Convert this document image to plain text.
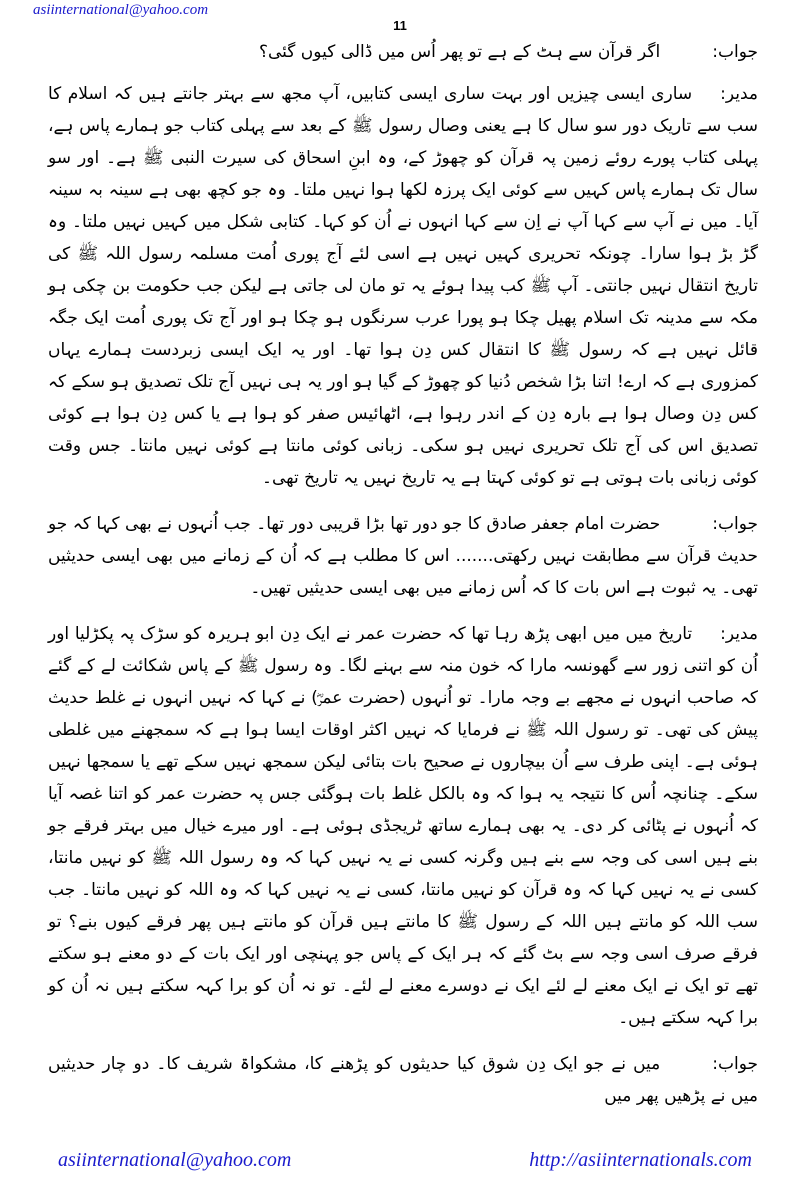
asiinternational@yahoo.com
11

جواب:اگر قرآن سے ہٹ کے ہے تو پھر اُس میں ڈالی کیوں گئی؟

مدیر:ساری ایسی چیزیں اور بہت ساری ایسی کتابیں، آپ مجھ سے بہتر جانتے ہیں کہ اسلام کا سب سے تاریک دور سو سال کا ہے یعنی وصال رسول ﷺ کے بعد سے پہلی کتاب جو ہمارے پاس ہے، پہلی کتاب پورے روئے زمین پہ قرآن کو چھوڑ کے، وہ ابنِ اسحاق کی سیرت النبی ﷺ ہے۔ اور سو سال تک ہمارے پاس کہیں سے کوئی ایک پرزہ لکھا ہوا نہیں ملتا۔ وہ جو کچھ بھی ہے سینہ بہ سینہ آیا۔ میں نے آپ سے کہا آپ نے اِن سے کہا انہوں نے اُن کو کہا۔ کتابی شکل میں کہیں نہیں ملتا۔ وہ گڑ بڑ ہوا سارا۔ چونکہ تحریری کہیں نہیں ہے اسی لئے آج پوری اُمت مسلمہ رسول اللہ ﷺ کی تاریخ انتقال نہیں جانتی۔ آپ ﷺ کب پیدا ہوئے یہ تو مان لی جاتی ہے لیکن جب حکومت بن چکی ہو مکہ سے مدینہ تک اسلام پھیل چکا ہو پورا عرب سرنگوں ہو چکا ہو اور آج تک پوری اُمت ایک جگہ قائل نہیں ہے کہ رسول ﷺ کا انتقال کس دِن ہوا تھا۔ اور یہ ایک ایسی زبردست ہمارے یہاں کمزوری ہے کہ ارے! اتنا بڑا شخص دُنیا کو چھوڑ کے گیا ہو اور یہ ہی نہیں آج تلک تصدیق ہو سکے کہ کس دِن وصال ہوا ہے بارہ دِن کے اندر رہوا ہے، اٹھائیس صفر کو ہوا ہے یا کس دِن ہوا ہے کوئی تصدیق اس کی آج تلک تحریری نہیں ہو سکی۔ زبانی کوئی مانتا ہے کوئی نہیں مانتا۔ جس وقت کوئی زبانی بات ہوتی ہے تو کوئی کہتا ہے یہ تاریخ نہیں یہ تاریخ تھی۔

جواب:حضرت امام جعفر صادق کا جو دور تھا بڑا قریبی دور تھا۔ جب اُنہوں نے بھی کہا کہ جو حدیث قرآن سے مطابقت نہیں رکھتی....... اس کا مطلب ہے کہ اُن کے زمانے میں بھی ایسی حدیثیں تھی۔ یہ ثبوت ہے اس بات کا کہ اُس زمانے میں بھی ایسی حدیثیں تھیں۔

مدیر:تاریخ میں میں ابھی پڑھ رہا تھا کہ حضرت عمر نے ایک دِن ابو ہریرہ کو سڑک پہ پکڑلیا اور اُن کو اتنی زور سے گھونسہ مارا کہ خون منہ سے بہنے لگا۔ وہ رسول ﷺ کے پاس شکائت لے کے گئے کہ صاحب انہوں نے مجھے بے وجہ مارا۔ تو اُنہوں (حضرت عمرؓ) نے کہا کہ نہیں انہوں نے غلط حدیث پیش کی تھی۔ تو رسول اللہ ﷺ نے فرمایا کہ نہیں اکثر اوقات ایسا ہوا ہے کہ سمجھنے میں غلطی ہوئی ہے۔ اپنی طرف سے اُن بیچاروں نے صحیح بات بتائی لیکن سمجھ نہیں سکے تھے یا سمجھا نہیں سکے۔ چنانچہ اُس کا نتیجہ یہ ہوا کہ وہ بالکل غلط بات ہوگئی جس پہ حضرت عمر کو اتنا غصہ آیا کہ اُنہوں نے پٹائی کر دی۔ یہ بھی ہمارے ساتھ ٹریجڈی ہوئی ہے۔ اور میرے خیال میں بہتر فرقے جو بنے ہیں اسی کی وجہ سے بنے ہیں وگرنہ کسی نے یہ نہیں کہا کہ وہ رسول اللہ ﷺ کو نہیں مانتا، کسی نے یہ نہیں کہا کہ وہ قرآن کو نہیں مانتا، کسی نے یہ نہیں کہا کہ وہ اللہ کو نہیں مانتا۔ جب سب اللہ کو مانتے ہیں اللہ کے رسول ﷺ کا مانتے ہیں قرآن کو مانتے ہیں پھر فرقے کیوں بنے؟ تو فرقے صرف اسی وجہ سے بٹ گئے کہ ہر ایک کے پاس جو پہنچی اور ایک بات کے دو معنے ہو سکتے تھے تو ایک نے ایک معنے لے لئے ایک نے دوسرے معنے لے لئے۔ تو نہ اُن کو برا کہہ سکتے ہیں نہ اُن کو برا کہہ سکتے ہیں۔

جواب:میں نے جو ایک دِن شوق کیا حدیثوں کو پڑھنے کا، مشکواۃ شریف کا۔ دو چار حدیثیں میں نے پڑھیں پھر میں

asiinternational@yahoo.com	http://asiinternationals.com
